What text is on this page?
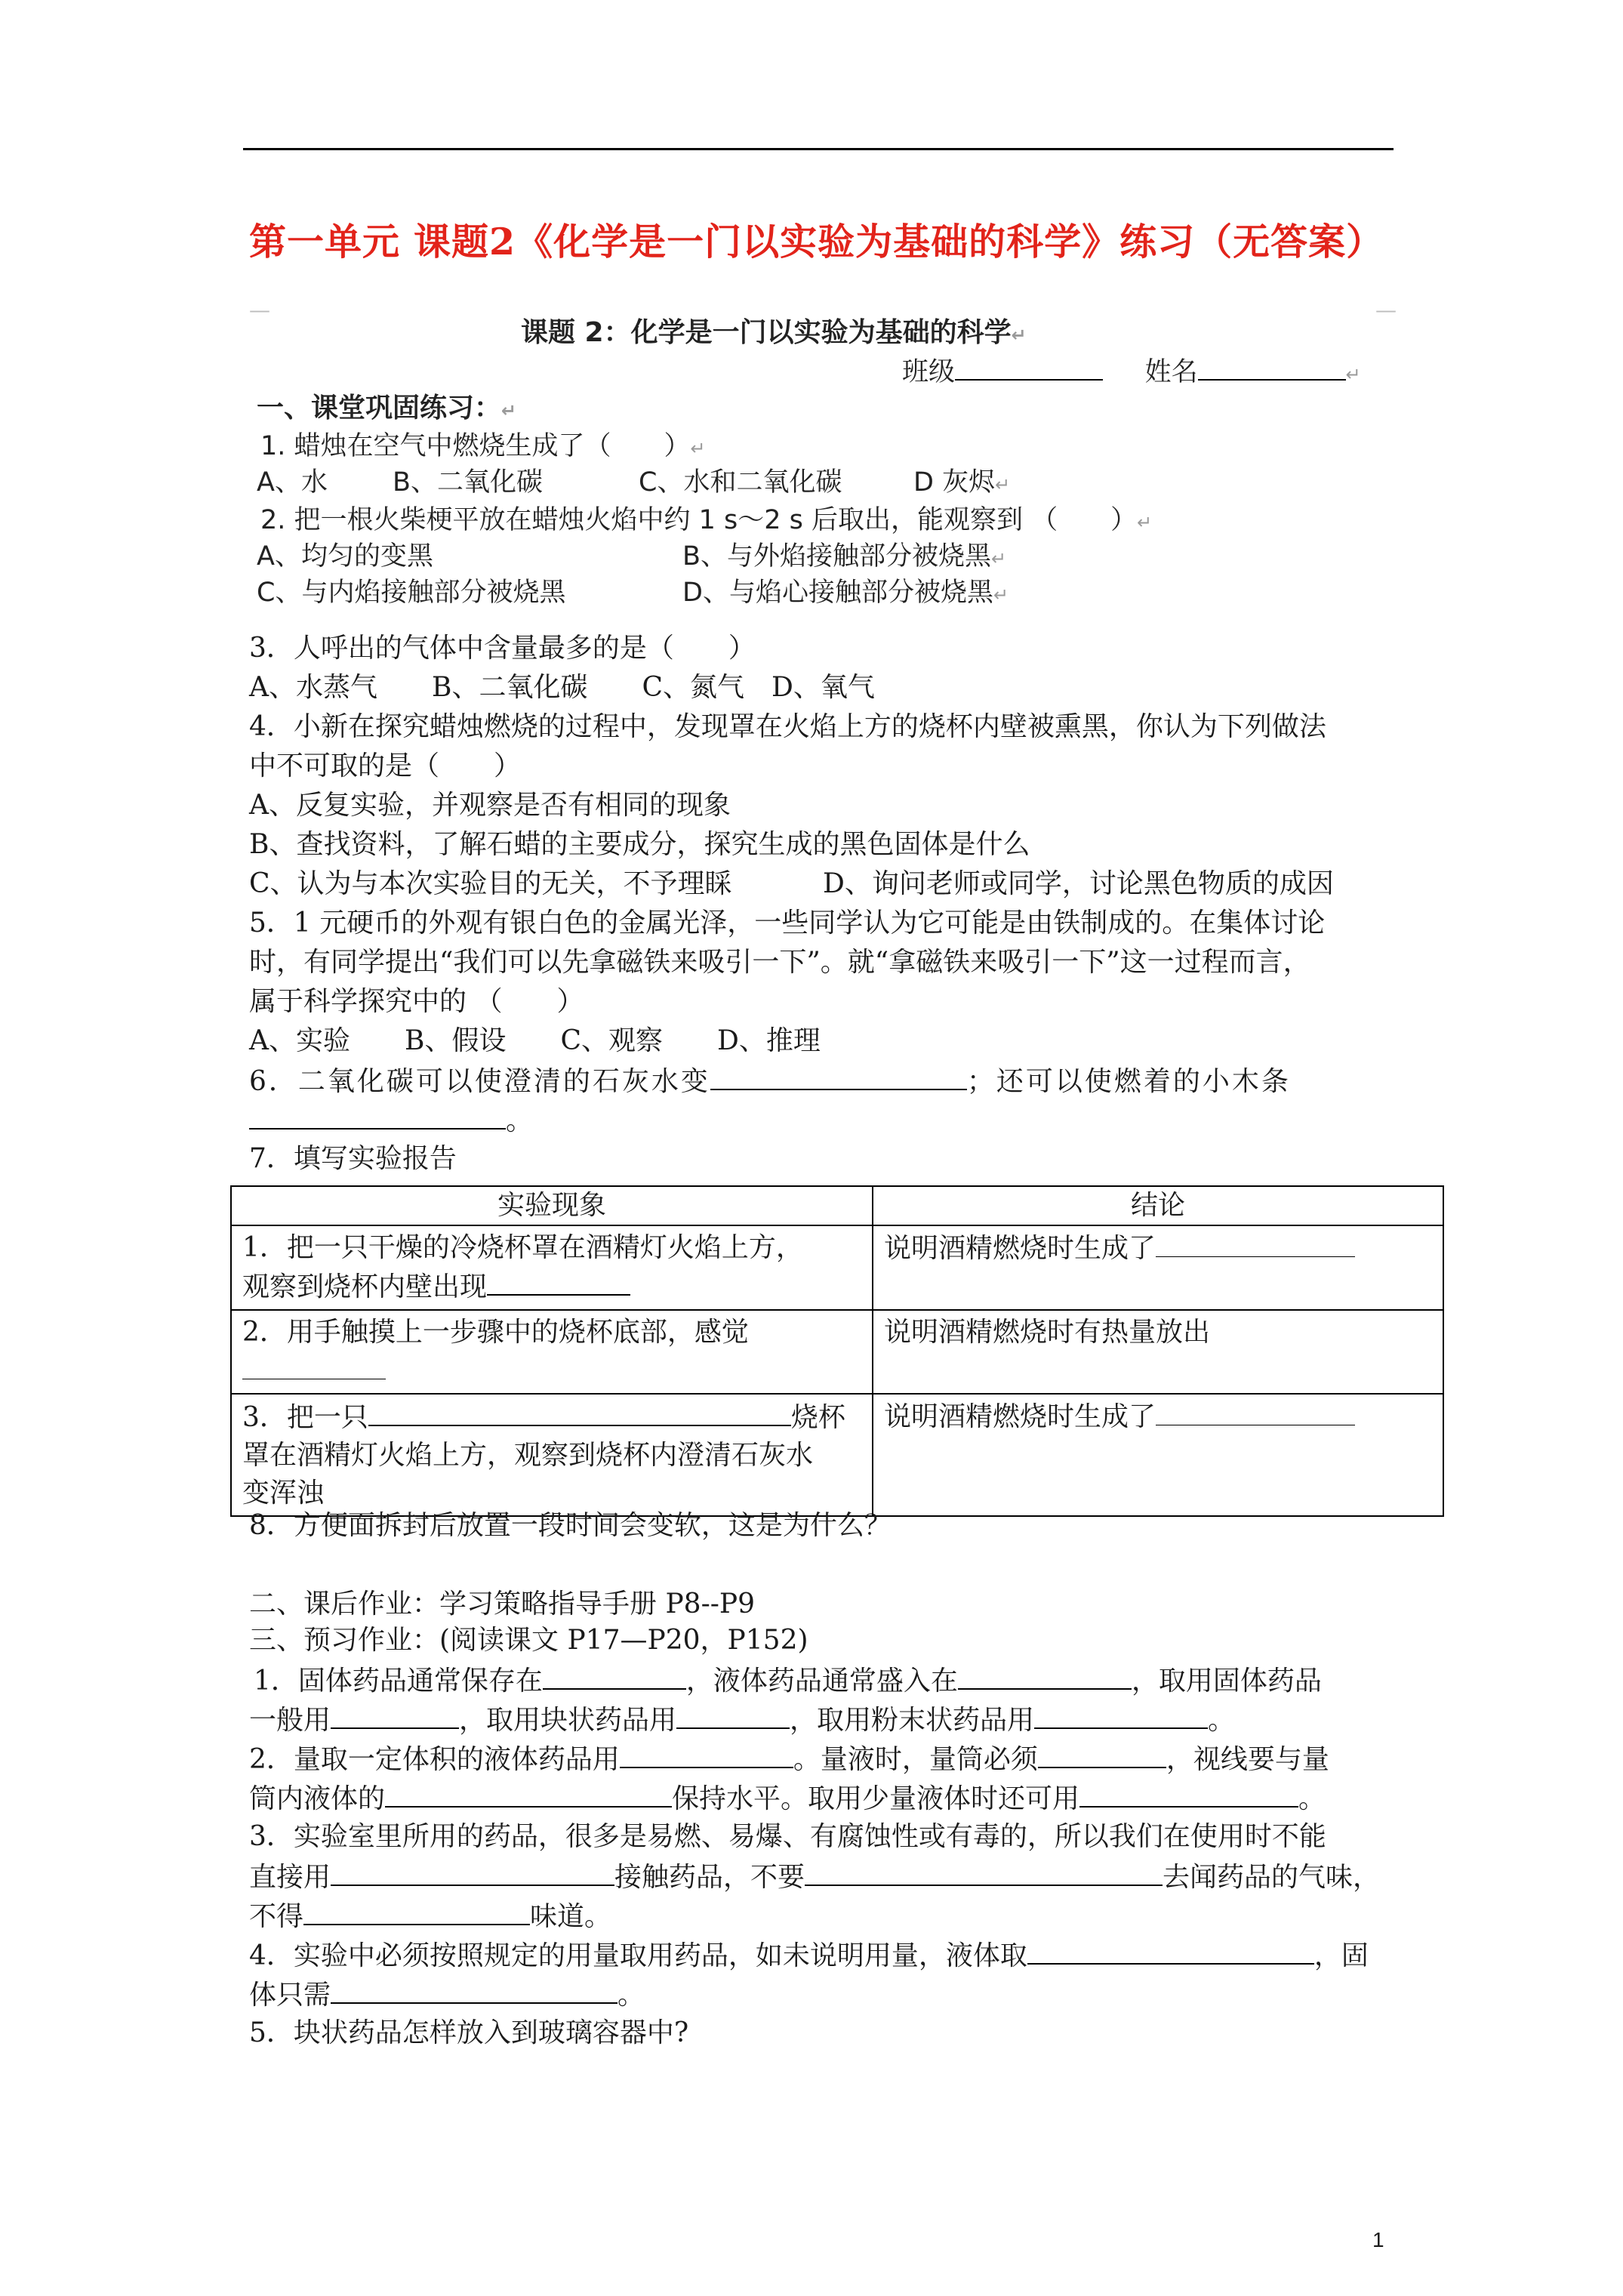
第一单元 课题2《化学是一门以实验为基础的科学》练习（无答案）
—	—
课题 2：化学是一门以实验为基础的科学↵
班级	姓名	↵
一、课堂巩固练习：↵
1. 蜡烛在空气中燃烧生成了（　　）↵
A、水 B、二氧化碳	C、水和二氧化碳	D 灰烬↵
2. 把一根火柴梗平放在蜡烛火焰中约 1 s～2 s 后取出，能观察到 （　　）↵
A、均匀的变黑	B、与外焰接触部分被烧黑↵
C、与内焰接触部分被烧黑	D、与焰心接触部分被烧黑↵
3．人呼出的气体中含量最多的是（　　）
A、水蒸气　　B、二氧化碳　　C、氮气　D、氧气
4．小新在探究蜡烛燃烧的过程中，发现罩在火焰上方的烧杯内壁被熏黑，你认为下列做法
中不可取的是（　　）
A、反复实验，并观察是否有相同的现象
B、查找资料，了解石蜡的主要成分，探究生成的黑色固体是什么
C、认为与本次实验目的无关，不予理睬	D、询问老师或同学，讨论黑色物质的成因
5．1 元硬币的外观有银白色的金属光泽，一些同学认为它可能是由铁制成的。在集体讨论
时，有同学提出“我们可以先拿磁铁来吸引一下”。就“拿磁铁来吸引一下”这一过程而言，
属于科学探究中的 （　　）
A、实验　　B、假设　　C、观察　　D、推理
6．二氧化碳可以使澄清的石灰水变	；还可以使燃着的小木条
。
7．填写实验报告
实验现象	结论

1．把一只干燥的冷烧杯罩在酒精灯火焰上方，
观察到烧杯内壁出现	说明酒精燃烧时生成了

2．用手触摸上一步骤中的烧杯底部，感觉	说明酒精燃烧时有热量放出

3．把一只 烧杯
罩在酒精灯火焰上方，观察到烧杯内澄清石灰水
变浑浊	说明酒精燃烧时生成了
8．方便面拆封后放置一段时间会变软，这是为什么？
二、课后作业：学习策略指导手册 P8--P9
三、预习作业：(阅读课文 P17—P20，P152)
1．固体药品通常保存在	，液体药品通常盛入在	，取用固体药品
一般用	，取用块状药品用	，取用粉末状药品用	。
2．量取一定体积的液体药品用	。量液时，量筒必须	，视线要与量
筒内液体的	保持水平。取用少量液体时还可用	。
3．实验室里所用的药品，很多是易燃、易爆、有腐蚀性或有毒的，所以我们在使用时不能
直接用	接触药品，不要	去闻药品的气味，
不得	味道。
4．实验中必须按照规定的用量取用药品，如未说明用量，液体取	，固
体只需	。
5．块状药品怎样放入到玻璃容器中?
1
